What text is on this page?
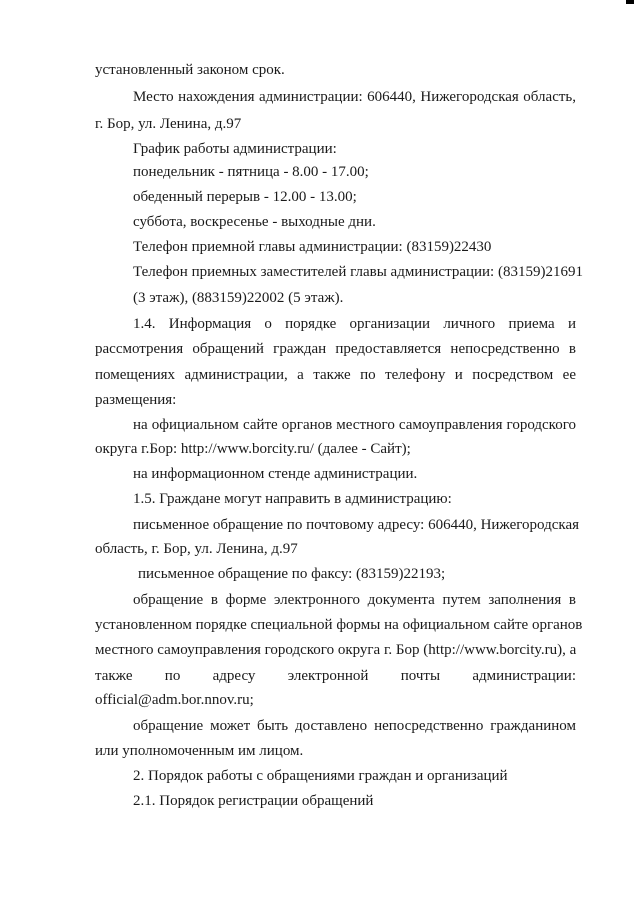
установленный законом срок.
Место нахождения администрации: 606440, Нижегородская область,
г. Бор, ул. Ленина, д.97
График работы администрации:
понедельник - пятница - 8.00 - 17.00;
обеденный перерыв - 12.00 - 13.00;
суббота, воскресенье - выходные дни.
Телефон приемной главы администрации: (83159)22430
Телефон приемных заместителей главы администрации: (83159)21691
(3 этаж), (883159)22002 (5 этаж).
1.4. Информация о порядке организации личного приема и
рассмотрения обращений граждан предоставляется непосредственно в
помещениях администрации, а также по телефону и посредством ее
размещения:
на официальном сайте органов местного самоуправления городского
округа г.Бор: http://www.borcity.ru/ (далее - Сайт);
на информационном стенде администрации.
1.5. Граждане могут направить в администрацию:
письменное обращение по почтовому адресу: 606440, Нижегородская
область, г. Бор, ул. Ленина, д.97
письменное обращение по факсу: (83159)22193;
обращение в форме электронного документа путем заполнения в
установленном порядке специальной формы на официальном сайте органов
местного самоуправления городского округа г. Бор (http://www.borcity.ru), а
также по адресу электронной почты администрации:
official@adm.bor.nnov.ru;
обращение может быть доставлено непосредственно гражданином
или уполномоченным им лицом.
2. Порядок работы с обращениями граждан и организаций
2.1. Порядок регистрации обращений
